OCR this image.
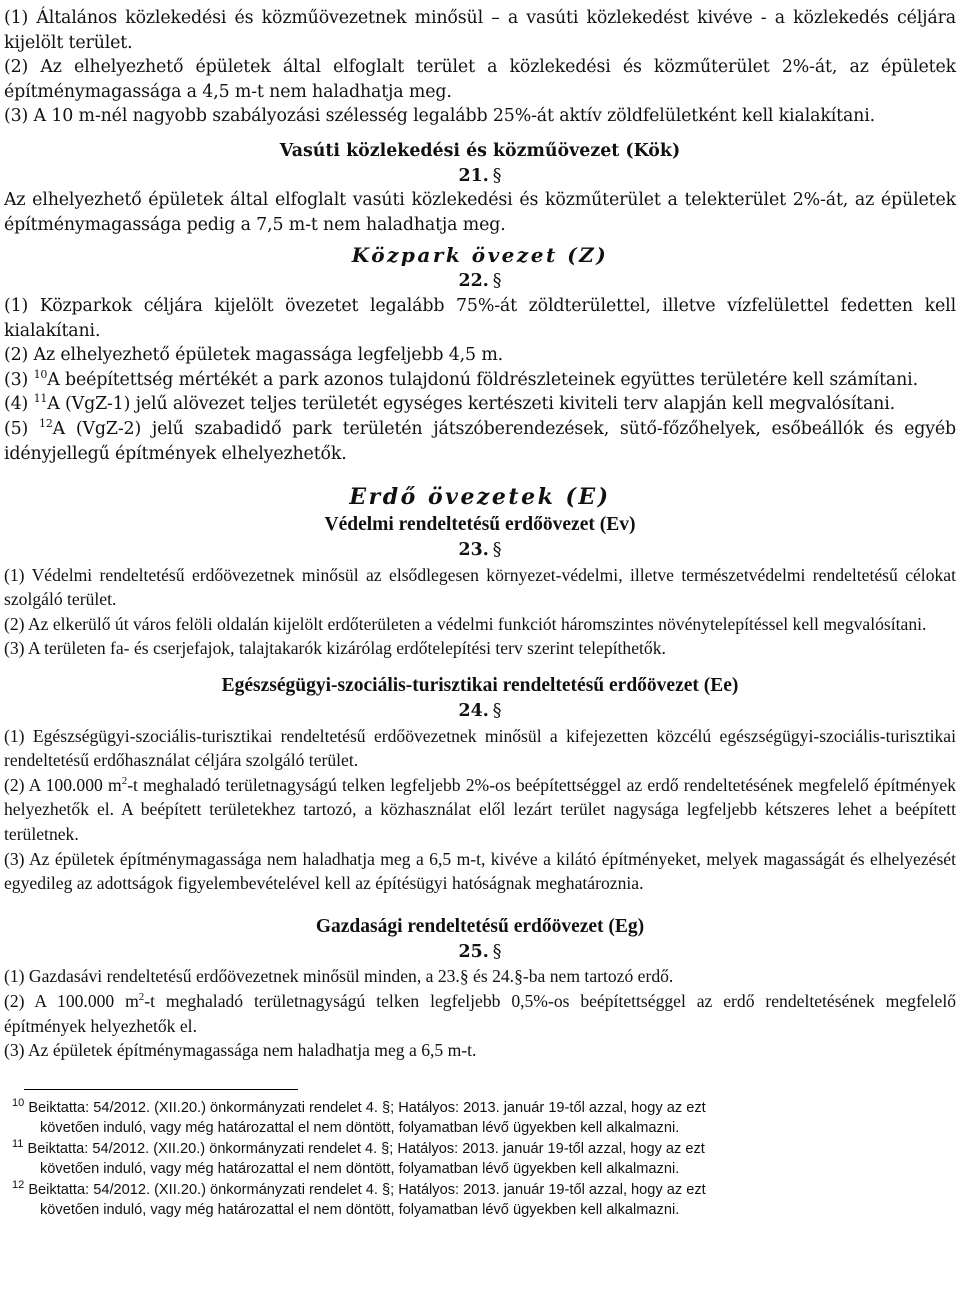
(1) Általános közlekedési és közműövezetnek minősül – a vasúti közlekedést kivéve - a közlekedés céljára kijelölt terület.

(2) Az elhelyezhető épületek által elfoglalt terület a közlekedési és közműterület 2%-át, az épületek építménymagassága a 4,5 m-t nem haladhatja meg.

(3) A 10 m-nél nagyobb szabályozási szélesség legalább 25%-át aktív zöldfelületként kell kialakítani.

Vasúti közlekedési és közműövezet (Kök)

21. §

Az elhelyezhető épületek által elfoglalt vasúti közlekedési és közműterület a telekterület 2%-át, az épületek építménymagassága pedig a 7,5 m-t nem haladhatja meg.

Közpark övezet (Z)

22. §

(1) Közparkok céljára kijelölt övezetet legalább 75%-át zöldterülettel, illetve vízfelülettel fedetten kell kialakítani.

(2) Az elhelyezhető épületek magassága legfeljebb 4,5 m.

(3) $^{10}$A beépítettség mértékét a park azonos tulajdonú földrészleteinek együttes területére kell számítani.

(4) $^{11}$A (VgZ-1) jelű alövezet teljes területét egységes kertészeti kiviteli terv alapján kell megvalósítani.

(5) $^{12}$A (VgZ-2) jelű szabadidő park területén játszóberendezések, sütő-főzőhelyek, esőbeállók és egyéb idényjellegű építmények elhelyezhetők.

Erdő övezetek (E)

Védelmi rendeltetésű erdőövezet (Ev)

23. §

(1) Védelmi rendeltetésű erdőövezetnek minősül az elsődlegesen környezet-védelmi, illetve természetvédelmi rendeltetésű célokat szolgáló terület.

(2) Az elkerülő út város felöli oldalán kijelölt erdőterületen a védelmi funkciót háromszintes növénytelepítéssel kell megvalósítani.

(3) A területen fa- és cserjefajok, talajtakarók kizárólag erdőtelepítési terv szerint telepíthetők.

Egészségügyi-szociális-turisztikai rendeltetésű erdőövezet (Ee)

24. §

(1) Egészségügyi-szociális-turisztikai rendeltetésű erdőövezetnek minősül a kifejezetten közcélú egészségügyi-szociális-turisztikai rendeltetésű erdőhasználat céljára szolgáló terület.

(2) A 100.000 $m^2-t$ meghaladó területnagyságú telken legfeljebb 2%-os beépítettséggel az erdő rendeltetésének megfelelő építmények helyezhetők el. A beépített területekhez tartozó, a közhasználat elől lezárt terület nagysága legfeljebb kétszeres lehet a beépített területnek.

(3) Az épületek építménymagassága nem haladhatja meg a 6,5 m-t, kivéve a kilátó építményeket, melyek magasságát és elhelyezését egyedileg az adottságok figyelembevételével kell az építésügyi hatóságnak meghatároznia.

Gazdasági rendeltetésű erdőövezet (Eg)

25. §

(1) Gazdasávi rendeltetésű erdőövezetnek minősül minden, a 23.§ és 24.§-ba nem tartozó erdő.

(2) A 100.000 $m^2-t$ meghaladó területnagyságú telken legfeljebb 0,5%-os beépítettséggel az erdő rendeltetésének megfelelő építmények helyezhetők el.

(3) Az épületek építménymagassága nem haladhatja meg a 6,5 m-t.

$^{10}$ Beiktatta: 54/2012. (XII.20.) önkormányzati rendelet 4. §; Hatályos: 2013. január 19-től azzal, hogy az ezt
követően induló, vagy még határozattal el nem döntött, folyamatban lévő ügyekben kell alkalmazni.

$^{11}$ Beiktatta: 54/2012. (XII.20.) önkormányzati rendelet 4. §; Hatályos: 2013. január 19-től azzal, hogy az ezt
követően induló, vagy még határozattal el nem döntött, folyamatban lévő ügyekben kell alkalmazni.

$^{12}$ Beiktatta: 54/2012. (XII.20.) önkormányzati rendelet 4. §; Hatályos: 2013. január 19-től azzal, hogy az ezt
követően induló, vagy még határozattal el nem döntött, folyamatban lévő ügyekben kell alkalmazni.
